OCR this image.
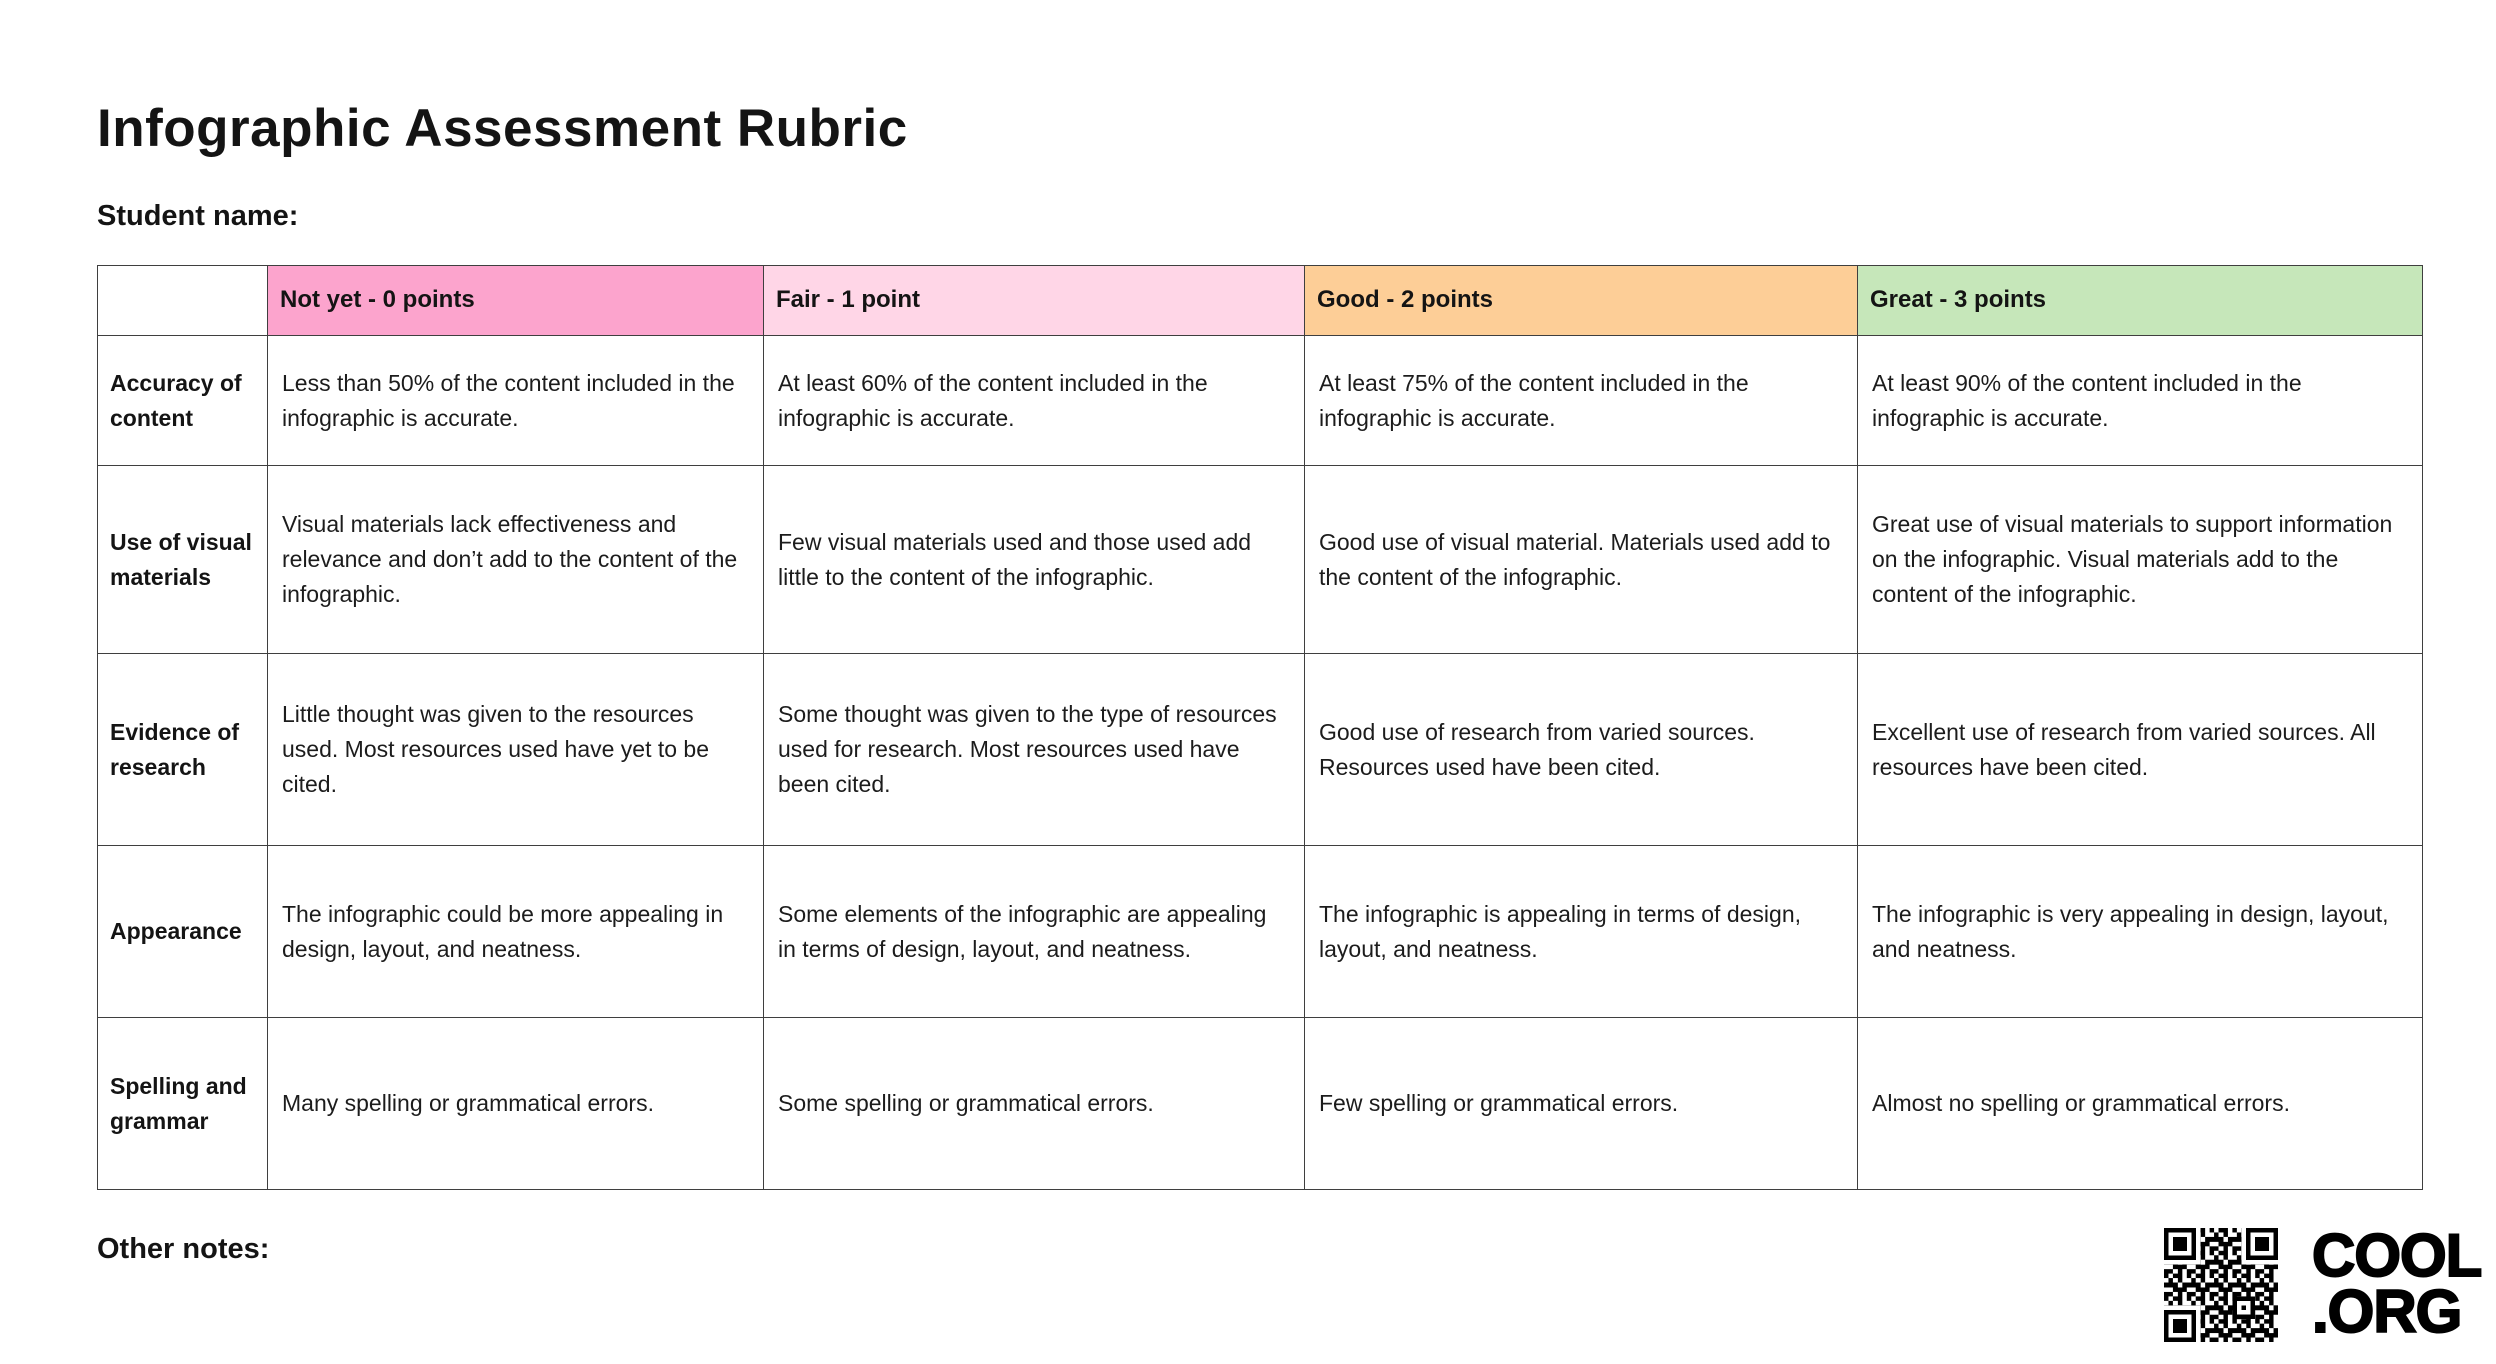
Infographic Assessment Rubric
Student name:
	Not yet - 0 points	Fair - 1 point	Good - 2 points	Great - 3 points
Accuracy of content	Less than 50% of the content included in the infographic is accurate.	At least 60% of the content included in the infographic is accurate.	At least 75% of the content included in the infographic is accurate.	At least 90% of the content included in the infographic is accurate.
Use of visual materials	Visual materials lack effectiveness and relevance and don’t add to the content of the infographic.	Few visual materials used and those used add little to the content of the infographic.	Good use of visual material. Materials used add to the content of the infographic.	Great use of visual materials to support information on the infographic. Visual materials add to the content of the infographic.
Evidence of research	Little thought was given to the resources used. Most resources used have yet to be cited.	Some thought was given to the type of resources used for research. Most resources used have been cited.	Good use of research from varied sources. Resources used have been cited.	Excellent use of research from varied sources. All resources have been cited.
Appearance	The infographic could be more appealing in design, layout, and neatness.	Some elements of the infographic are appealing in terms of design, layout, and neatness.	The infographic is appealing in terms of design, layout, and neatness.	The infographic is very appealing in design, layout, and neatness.
Spelling and grammar	Many spelling or grammatical errors.	Some spelling or grammatical errors.	Few spelling or grammatical errors.	Almost no spelling or grammatical errors.
Other notes:	COOL
.ORG
